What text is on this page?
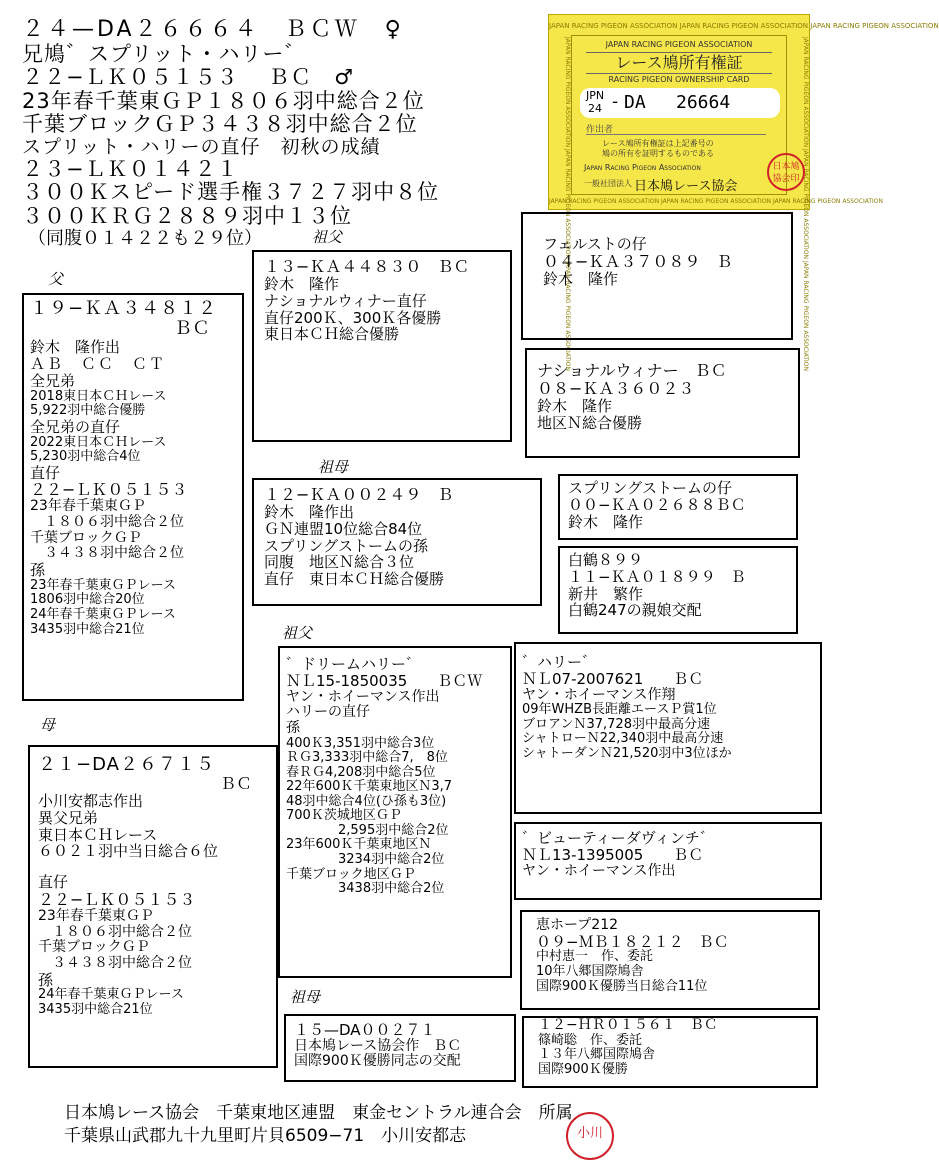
２４—DA２６６６４　ＢＣＷ　♀
兄鳩゛スプリット・ハリー゛
２２−ＬＫ０５１５３　 ＢＣ　♂
23年春千葉東ＧＰ１８０６羽中総合２位
千葉ブロックＧＰ３４３８羽中総合２位
スプリット・ハリーの直仔　初秋の成績
２３−ＬＫ０１４２１
３００Ｋスピード選手権３７２７羽中８位
３００ＫＲＧ２８８９羽中１３位
（同腹０１４２２も２９位）
JAPAN RACING PIGEON ASSOCIATION JAPAN RACING PIGEON ASSOCIATION JAPAN RACING PIGEON ASSOCIATION
JAPAN RACING PIGEON ASSOCIATION JAPAN RACING PIGEON ASSOCIATION JAPAN RACING PIGEON ASSOCIATION	JAPAN RACING PIGEON ASSOCIATION JAPAN RACING PIGEON ASSOCIATION JAPAN RACING PIGEON ASSOCIATION
JAPAN RACING PIGEON ASSOCIATION JAPAN RACING PIGEON ASSOCIATION JAPAN RACING PIGEON ASSOCIATION
JAPAN RACING PIGEON ASSOCIATION
レース鳩所有権証
RACING PIGEON OWNERSHIP CARD
JPN
24 - DA 26664
作出者
レース鳩所有権証は上記番号の
鳩の所有を証明するものである
Japan Racing Pigeon Association
一般社団法人 日本鳩レース協会
日本鳩協会印
祖父
父
祖母
祖父
母
祖母
１９−ＫＡ３４８１２
ＢＣ
鈴木　隆作出
ＡＢ　ＣＣ　ＣＴ
全兄弟
2018東日本ＣＨレース
5,922羽中総合優勝
全兄弟の直仔
2022東日本ＣＨレース
5,230羽中総合4位
直仔
２２−ＬＫ０５１５３
23年春千葉東ＧＰ
　１８０６羽中総合２位
千葉ブロックＧＰ
　３４３８羽中総合２位
孫
23年春千葉東ＧＰレース
1806羽中総合20位
24年春千葉東ＧＰレース
3435羽中総合21位
２１−DA２６７１５
ＢＣ
小川安都志作出
異父兄弟
東日本ＣＨレース
６０２１羽中当日総合６位
直仔
２２−ＬＫ０５１５３
23年春千葉東ＧＰ
　１８０６羽中総合２位
千葉ブロックＧＰ
　３４３８羽中総合２位
孫
24年春千葉東ＧＰレース
3435羽中総合21位
１３−ＫＡ４４８３０　ＢＣ
鈴木　隆作
ナショナルウィナー直仔
直仔200Ｋ、300Ｋ各優勝
東日本ＣＨ総合優勝
１２−ＫＡ００２４９　Ｂ
鈴木　隆作出
ＧＮ連盟10位総合84位
スプリングストームの孫
同腹　地区Ｎ総合３位
直仔　東日本ＣＨ総合優勝
フェルストの仔
０４−ＫＡ３７０８９　Ｂ
鈴木　隆作
ナショナルウィナー　ＢＣ
０８−ＫＡ３６０２３
鈴木　隆作
地区Ｎ総合優勝
スプリングストームの仔
００−ＫＡ０２６８８ＢＣ
鈴木　隆作
白鶴８９９
１１−ＫＡ０１８９９　Ｂ
新井　繁作
白鶴247の親娘交配
゛ドリームハリー゛
ＮＬ15-1850035　　ＢＣＷ
ヤン・ホイーマンス作出
ハリーの直仔
孫
400Ｋ3,351羽中総合3位
ＲＧ3,333羽中総合7,　8位
春ＲＧ4,208羽中総合5位
22年600Ｋ千葉東地区Ｎ3,7
48羽中総合4位(ひ孫も3位)
700Ｋ茨城地区ＧＰ
　　　　2,595羽中総合2位
23年600Ｋ千葉東地区Ｎ
　　　　3234羽中総合2位
千葉ブロック地区ＧＰ
　　　　3438羽中総合2位
１５—DA００２７１
日本鳩レース協会作　ＢＣ
国際900Ｋ優勝同志の交配
゛ハリー゛
ＮＬ07-2007621　　ＢＣ
ヤン・ホイーマンス作翔
09年WHZB長距離エースＰ賞1位
ブロアンＮ37,728羽中最高分速
シャトローＮ22,340羽中最高分速
シャトーダンＮ21,520羽中3位ほか
゛ビューティーダヴィンチ゛
ＮＬ13-1395005　　ＢＣ
ヤン・ホイーマンス作出
恵ホープ212
０９−ＭＢ１８２１２　ＢＣ
中村恵一　作、委託
10年八郷国際鳩舎
国際900Ｋ優勝当日総合11位
１２−ＨＲ０１５６１　ＢＣ
篠崎聡　作、委託
１３年八郷国際鳩舎
国際900Ｋ優勝
日本鳩レース協会　千葉東地区連盟　東金セントラル連合会　所属
千葉県山武郡九十九里町片貝6509−71　小川安都志	小川
